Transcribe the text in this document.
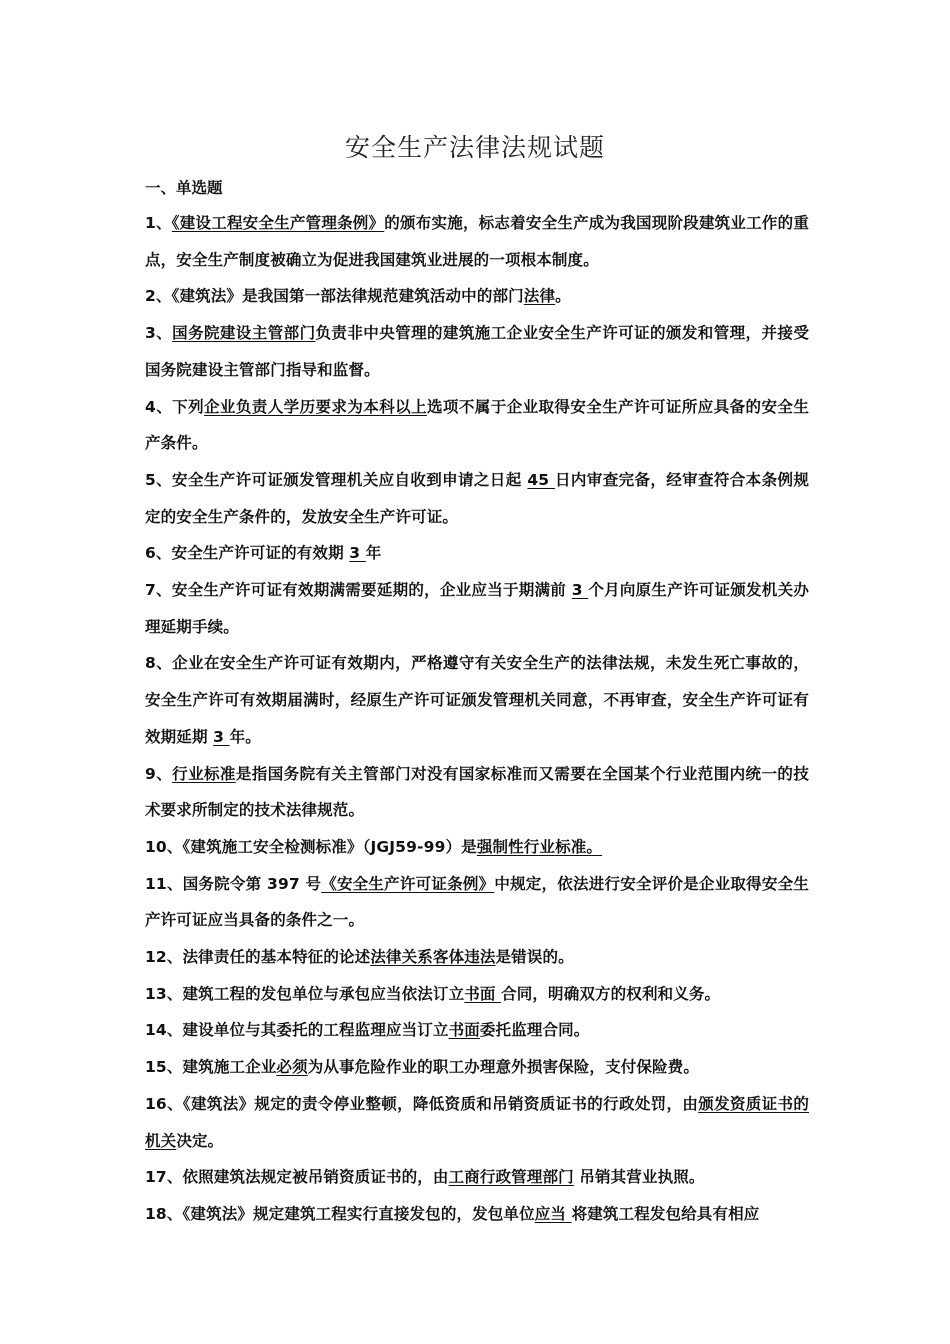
安全生产法律法规试题
一、单选题

1、《建设工程安全生产管理条例》的颁布实施，标志着安全生产成为我国现阶段建筑业工作的重点，安全生产制度被确立为促进我国建筑业进展的一项根本制度。

2、《建筑法》是我国第一部法律规范建筑活动中的部门法律。

3、国务院建设主管部门负责非中央管理的建筑施工企业安全生产许可证的颁发和管理，并接受国务院建设主管部门指导和监督。

4、下列企业负责人学历要求为本科以上选项不属于企业取得安全生产许可证所应具备的安全生产条件。

5、安全生产许可证颁发管理机关应自收到申请之日起 45 日内审查完备，经审查符合本条例规定的安全生产条件的，发放安全生产许可证。

6、安全生产许可证的有效期 3 年

7、安全生产许可证有效期满需要延期的，企业应当于期满前 3 个月向原生产许可证颁发机关办理延期手续。

8、企业在安全生产许可证有效期内，严格遵守有关安全生产的法律法规，未发生死亡事故的，安全生产许可有效期届满时，经原生产许可证颁发管理机关同意，不再审查，安全生产许可证有效期延期 3 年。

9、行业标准是指国务院有关主管部门对没有国家标准而又需要在全国某个行业范围内统一的技术要求所制定的技术法律规范。

10、《建筑施工安全检测标准》（JGJ59-99）是强制性行业标准。

11、国务院令第 397 号《安全生产许可证条例》中规定，依法进行安全评价是企业取得安全生产许可证应当具备的条件之一。

12、法律责任的基本特征的论述法律关系客体违法是错误的。

13、建筑工程的发包单位与承包应当依法订立书面 合同，明确双方的权利和义务。

14、建设单位与其委托的工程监理应当订立书面委托监理合同。

15、建筑施工企业必须为从事危险作业的职工办理意外损害保险，支付保险费。

16、《建筑法》规定的责令停业整顿，降低资质和吊销资质证书的行政处罚，由颁发资质证书的机关决定。

17、依照建筑法规定被吊销资质证书的，由工商行政管理部门 吊销其营业执照。

18、《建筑法》规定建筑工程实行直接发包的，发包单位应当 将建筑工程发包给具有相应
